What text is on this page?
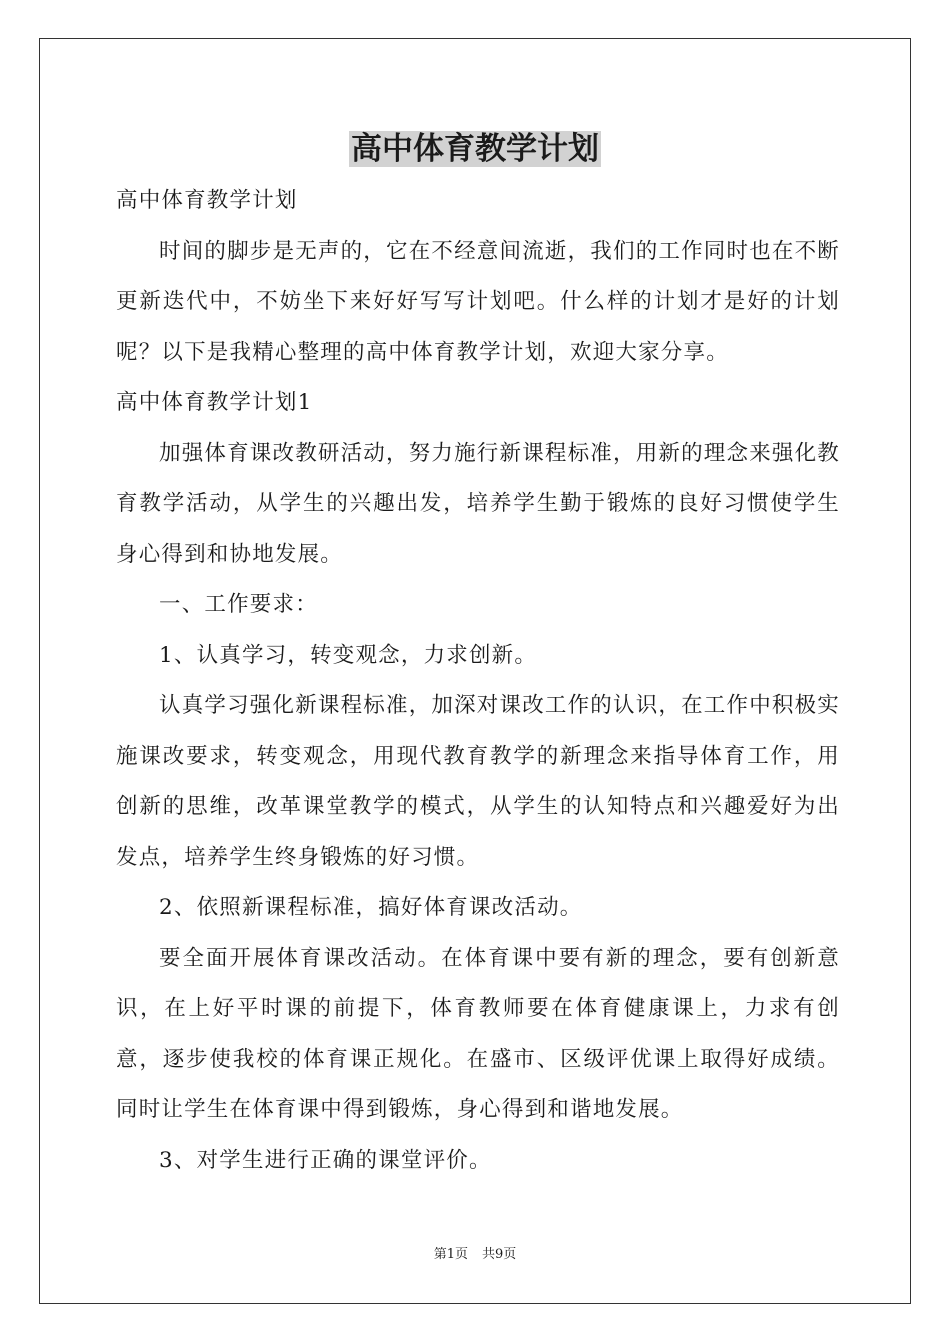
高中体育教学计划

高中体育教学计划

时间的脚步是无声的，它在不经意间流逝，我们的工作同时也在不断更新迭代中，不妨坐下来好好写写计划吧。什么样的计划才是好的计划呢？以下是我精心整理的高中体育教学计划，欢迎大家分享。

高中体育教学计划1

加强体育课改教研活动，努力施行新课程标准，用新的理念来强化教育教学活动，从学生的兴趣出发，培养学生勤于锻炼的良好习惯使学生身心得到和协地发展。

一、工作要求：

1、认真学习，转变观念，力求创新。

认真学习强化新课程标准，加深对课改工作的认识，在工作中积极实施课改要求，转变观念，用现代教育教学的新理念来指导体育工作，用创新的思维，改革课堂教学的模式，从学生的认知特点和兴趣爱好为出发点，培养学生终身锻炼的好习惯。

2、依照新课程标准，搞好体育课改活动。

要全面开展体育课改活动。在体育课中要有新的理念，要有创新意识，在上好平时课的前提下，体育教师要在体育健康课上，力求有创意，逐步使我校的体育课正规化。在盛市、区级评优课上取得好成绩。同时让学生在体育课中得到锻炼，身心得到和谐地发展。

3、对学生进行正确的课堂评价。

第1页 共9页
